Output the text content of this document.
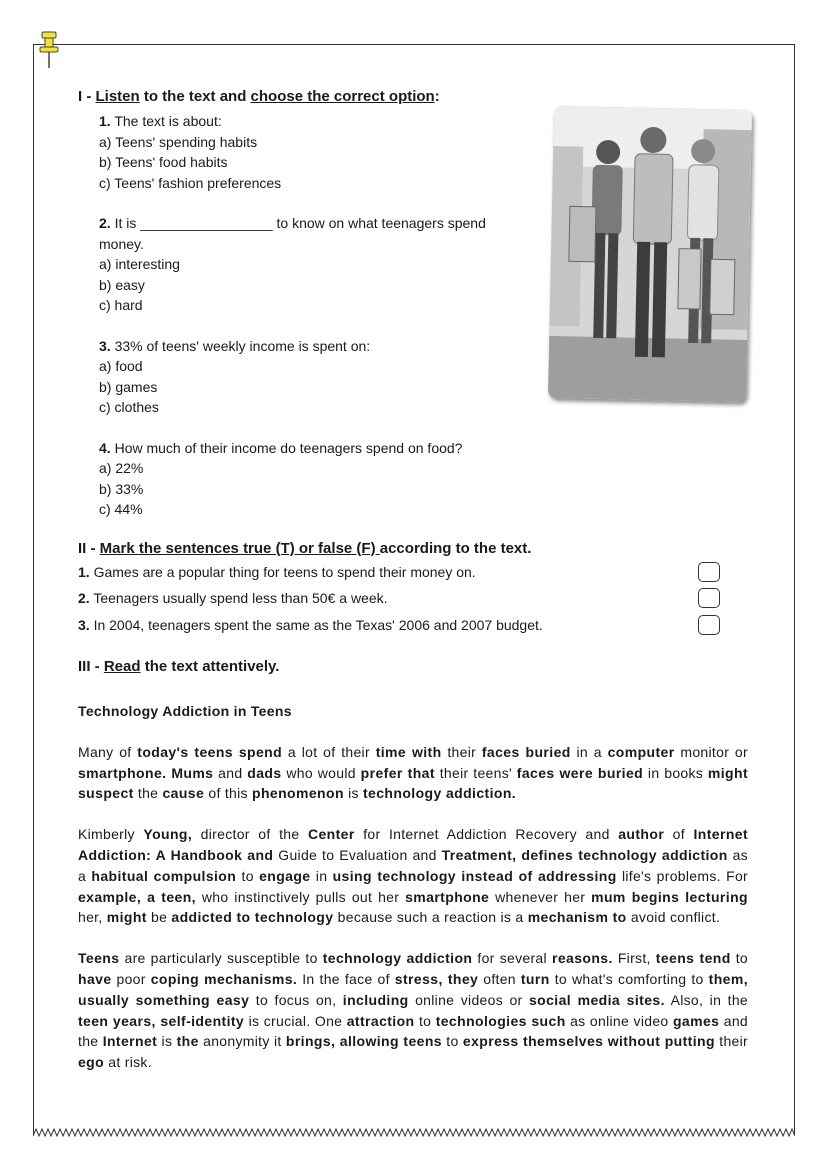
I - Listen to the text and choose the correct option:

1. The text is about:
a) Teens' spending habits
b) Teens' food habits
c) Teens' fashion preferences
2. It is _________________ to know on what teenagers spend
money.
a) interesting
b) easy
c) hard
3. 33% of teens' weekly income is spent on:
a) food
b) games
c) clothes
4. How much of their income do teenagers spend on food?
a) 22%
b) 33%
c) 44%

II - Mark the sentences true (T) or false (F) according to the text.

1. Games are a popular thing for teens to spend their money on.
2. Teenagers usually spend less than 50€ a week.
3. In 2004, teenagers spent the same as the Texas' 2006 and 2007 budget.

III - Read the text attentively.

Technology Addiction in Teens

Many of today's teens spend a lot of their time with their faces buried in a computer monitor or smartphone. Mums and dads who would prefer that their teens' faces were buried in books might suspect the cause of this phenomenon is technology addiction.

Kimberly Young, director of the Center for Internet Addiction Recovery and author of Internet Addiction: A Handbook and Guide to Evaluation and Treatment, defines technology addiction as a habitual compulsion to engage in using technology instead of addressing life's problems. For example, a teen, who instinctively pulls out her smartphone whenever her mum begins lecturing her, might be addicted to technology because such a reaction is a mechanism to avoid conflict.

Teens are particularly susceptible to technology addiction for several reasons. First, teens tend to have poor coping mechanisms. In the face of stress, they often turn to what's comforting to them, usually something easy to focus on, including online videos or social media sites. Also, in the teen years, self-identity is crucial. One attraction to technologies such as online video games and the Internet is the anonymity it brings, allowing teens to express themselves without putting their ego at risk.
